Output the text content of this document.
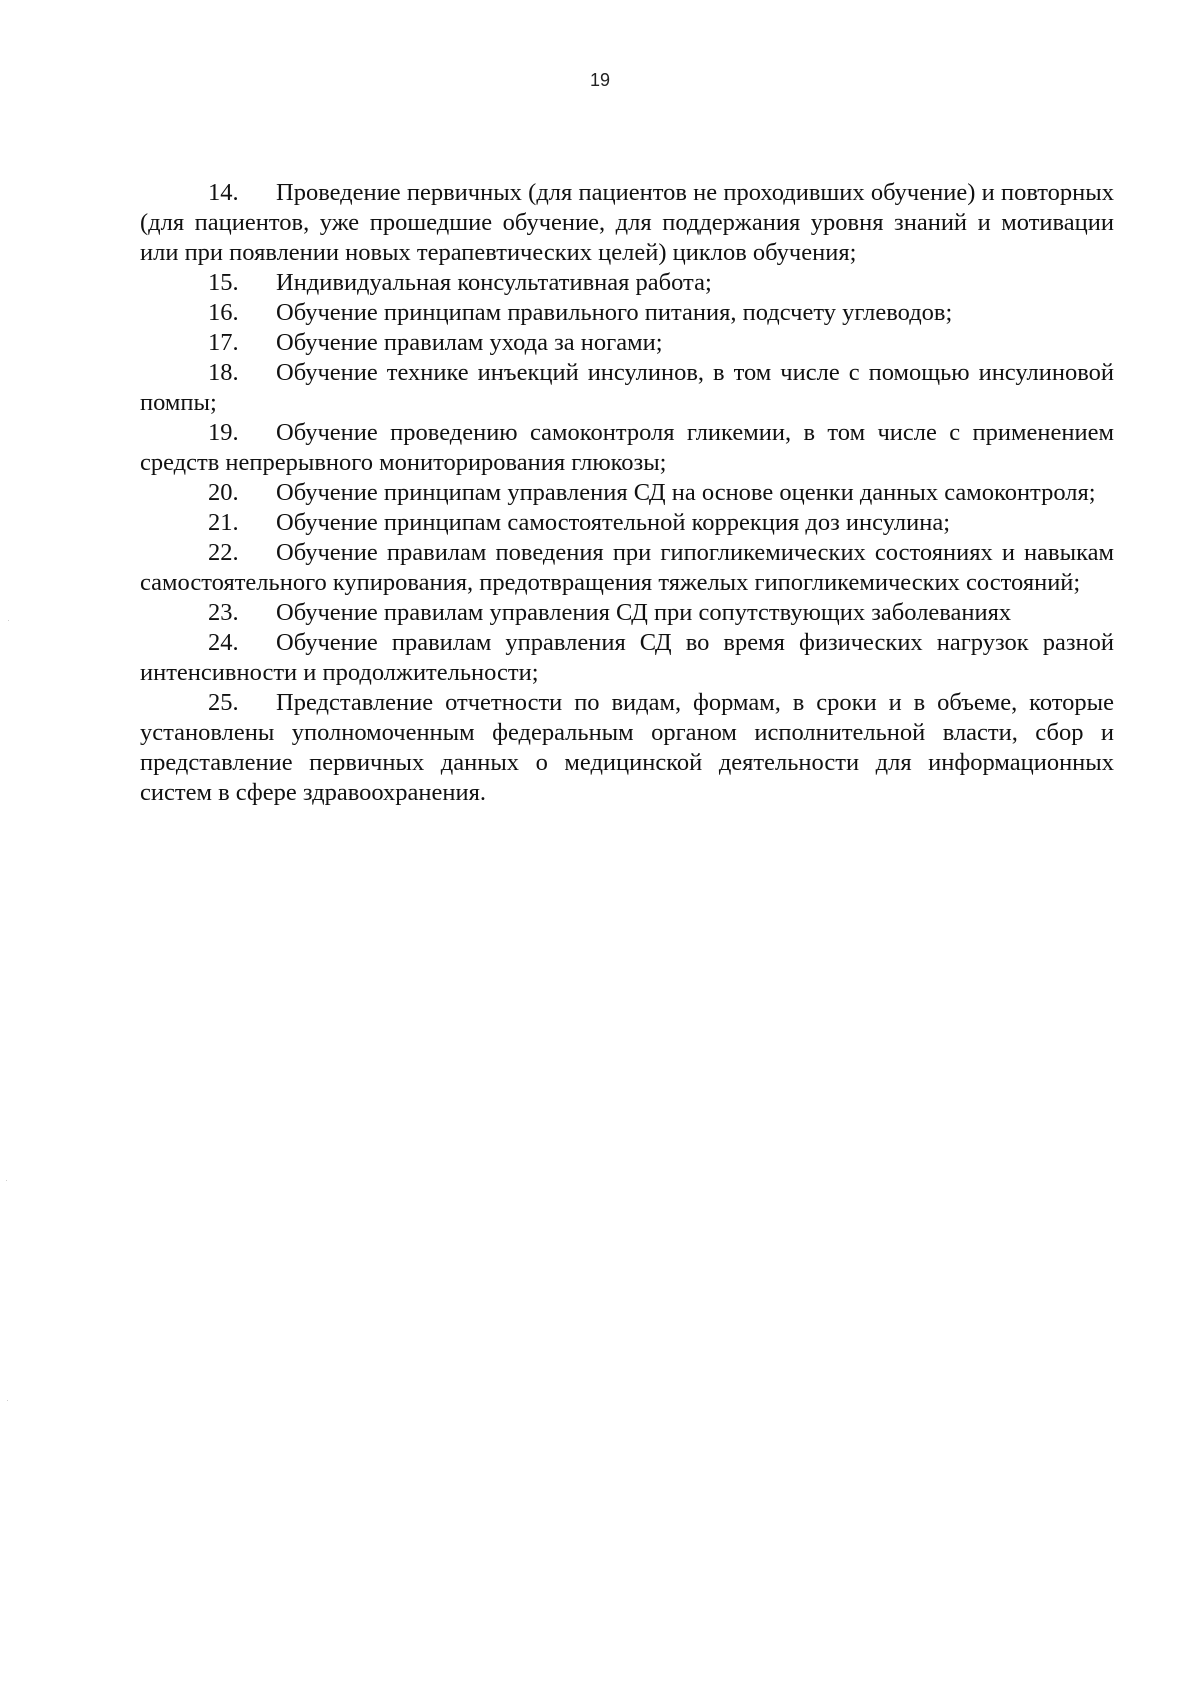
19

14. Проведение первичных (для пациентов не проходивших обучение) и повторных (для пациентов, уже прошедшие обучение, для поддержания уровня знаний и мотивации или при появлении новых терапевтических целей) циклов обучения;

15. Индивидуальная консультативная работа;

16. Обучение принципам правильного питания, подсчету углеводов;

17. Обучение правилам ухода за ногами;

18. Обучение технике инъекций инсулинов, в том числе с помощью инсулиновой помпы;

19. Обучение проведению самоконтроля гликемии, в том числе с применением средств непрерывного мониторирования глюкозы;

20. Обучение принципам управления СД на основе оценки данных самоконтроля;

21. Обучение принципам самостоятельной коррекция доз инсулина;

22. Обучение правилам поведения при гипогликемических состояниях и навыкам самостоятельного купирования, предотвращения тяжелых гипогликемических состояний;

23. Обучение правилам управления СД при сопутствующих заболеваниях

24. Обучение правилам управления СД во время физических нагрузок разной интенсивности и продолжительности;

25. Представление отчетности по видам, формам, в сроки и в объеме, которые установлены уполномоченным федеральным органом исполнительной власти, сбор и представление первичных данных о медицинской деятельности для информационных систем в сфере здравоохранения.
